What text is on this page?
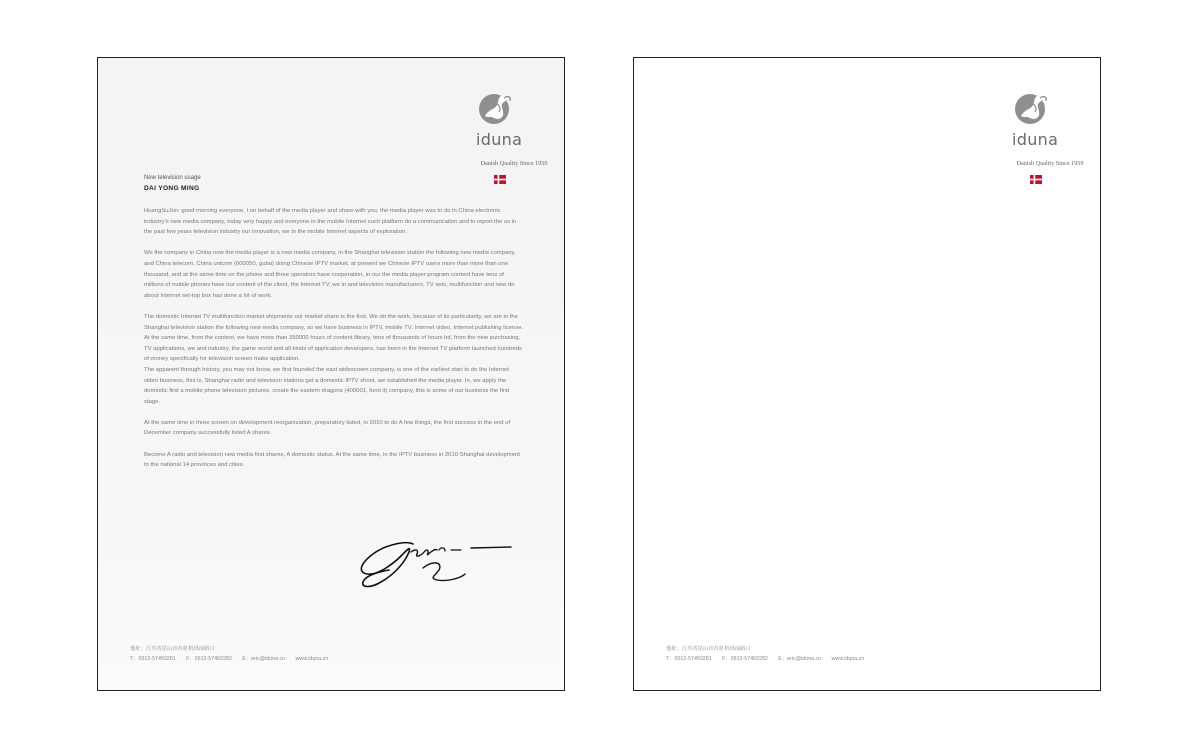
iduna
Danish Quality Since 1959
New television usage
DAI YONG MING

HuangSuJun: good morning everyone, I on behalf of the media player and share with you, the media player was to do in China electronic industry's new media company, today very happy and everyone in the mobile Internet such platform do a communication and to report the us in the past few years television industry our innovation, we in the mobile Internet aspects of exploration.

We the company in China now the media player is a new media company, in the Shanghai television station the following new media company, and China telecom, China unicom (600050, guba) doing Chinese IPTV market, at present we Chinese IPTV users more than more than one thousand, and at the same time on the phone and three operators have cooperation, in our the media player program content have tens of millions of mobile phones have our content of the client, the Internet TV, we in and television manufacturers, TV sets, multifunction and new do about Internet set-top box has done a lot of work.

The domestic Internet TV multifunction market shipments our market share is the first. We do the work, because of its particularity, we are in the Shanghai television station the following new media company, so we have business in IPTV, mobile TV, Internet video, Internet publishing license. At the same time, from the content, we have more than 350000 hours of content library, tens of thousands of hours hd, from the new purchasing, TV applications, we and industry, the game world and all kinds of application developers, has been in the Internet TV platform launched hundreds of money specifically for television screen make application.

The apparent through history, you may not know, we first founded the east widescreen company, is one of the earliest start to do the Internet video business, this is, Shanghai radio and television stations get a domestic IPTV shoot, we established the media player. In, we apply the domestic first a mobile phone television pictures, create the eastern dragons (400001, fund it) company, this is some of our business the first stage.

At the same time in three screen on development reorganization, preparatory listed, in 2010 to do A few things, the first success in the end of December company successfully listed A shares.

Become A radio and television new media first shares, A domestic status. At the same time, in the IPTV business in 2010 Shanghai development to the national 14 provinces and cities.

地址：江苏省昆山市苏虹机场南路口
T：0512-57450281 F：0512-57450282 E：eric@iduna.cn www.iduna.cn
iduna
Danish Quality Since 1959
地址：江苏省昆山市苏虹机场南路口
T：0512-57450281 F：0512-57450282 E：eric@iduna.cn www.iduna.cn
